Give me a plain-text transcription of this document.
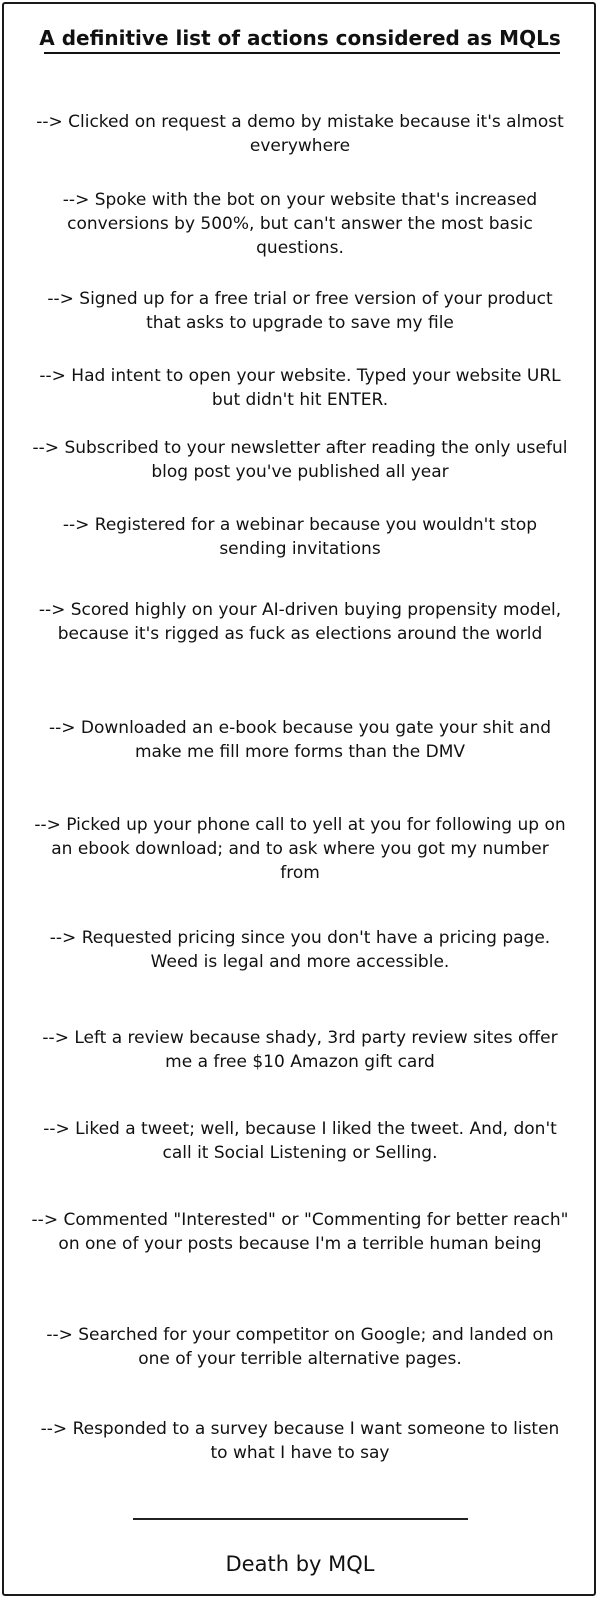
A definitive list of actions considered as MQLs
--> Clicked on request a demo by mistake because it's almost everywhere
--> Spoke with the bot on your website that's increased conversions by 500%, but can't answer the most basic questions.
--> Signed up for a free trial or free version of your product that asks to upgrade to save my file
--> Had intent to open your website. Typed your website URL but didn't hit ENTER.
--> Subscribed to your newsletter after reading the only useful blog post you've published all year
--> Registered for a webinar because you wouldn't stop sending invitations
--> Scored highly on your AI-driven buying propensity model, because it's rigged as fuck as elections around the world
--> Downloaded an e-book because you gate your shit and make me fill more forms than the DMV
--> Picked up your phone call to yell at you for following up on an ebook download; and to ask where you got my number from
--> Requested pricing since you don't have a pricing page. Weed is legal and more accessible.
--> Left a review because shady, 3rd party review sites offer me a free $10 Amazon gift card
--> Liked a tweet; well, because I liked the tweet. And, don't call it Social Listening or Selling.
--> Commented "Interested" or "Commenting for better reach" on one of your posts because I'm a terrible human being
--> Searched for your competitor on Google; and landed on one of your terrible alternative pages.
--> Responded to a survey because I want someone to listen to what I have to say
Death by MQL
